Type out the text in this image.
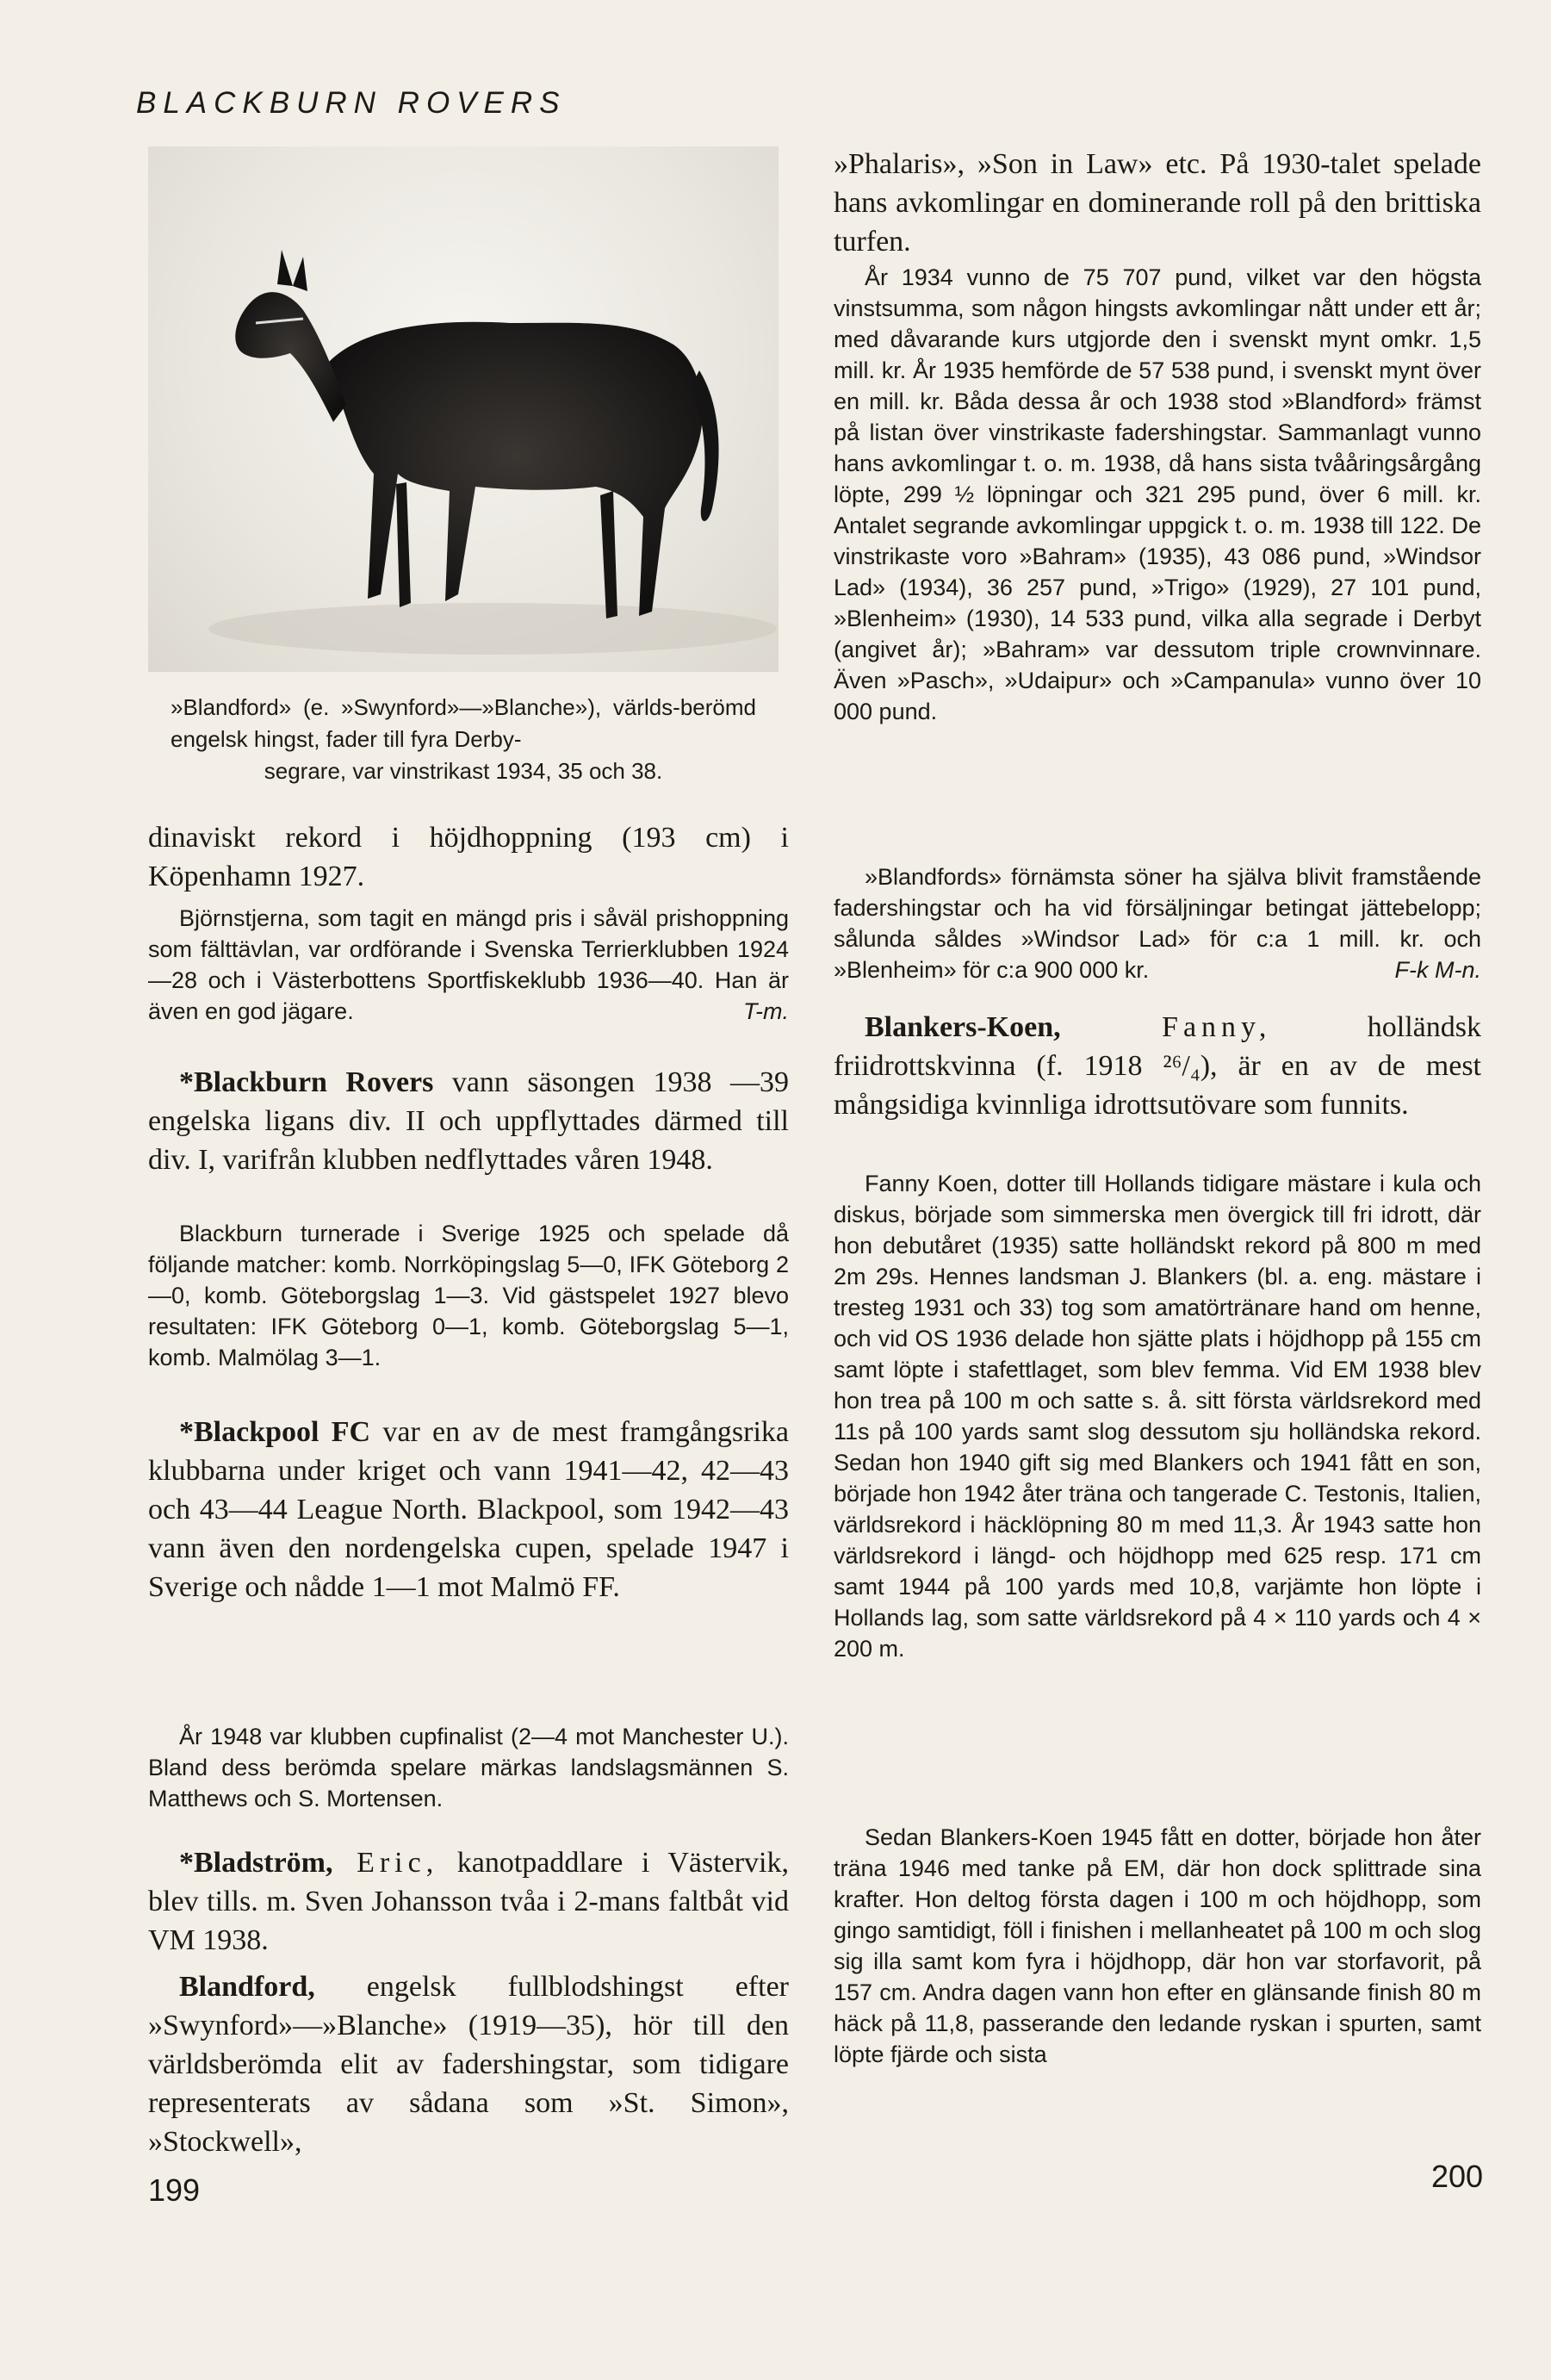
BLACKBURN ROVERS
»Blandford» (e. »Swynford»—»Blanche»), världs-berömd engelsk hingst, fader till fyra Derby-
segrare, var vinstrikast 1934, 35 och 38.
dinaviskt rekord i höjdhoppning (193 cm) i Köpenhamn 1927.
Björnstjerna, som tagit en mängd pris i såväl prishoppning som fälttävlan, var ordförande i Svenska Terrierklubben 1924—28 och i Västerbottens Sportfiskeklubb 1936—40. Han är även en god jägare.	T-m.
*Blackburn Rovers vann säsongen 1938 —39 engelska ligans div. II och uppflyttades därmed till div. I, varifrån klubben nedflyttades våren 1948.
Blackburn turnerade i Sverige 1925 och spelade då följande matcher: komb. Norrköpingslag 5—0, IFK Göteborg 2—0, komb. Göteborgslag 1—3. Vid gästspelet 1927 blevo resultaten: IFK Göteborg 0—1, komb. Göteborgslag 5—1, komb. Malmölag 3—1.
*Blackpool FC var en av de mest framgångsrika klubbarna under kriget och vann 1941—42, 42—43 och 43—44 League North. Blackpool, som 1942—43 vann även den nordengelska cupen, spelade 1947 i Sverige och nådde 1—1 mot Malmö FF.
År 1948 var klubben cupfinalist (2—4 mot Manchester U.). Bland dess berömda spelare märkas landslagsmännen S. Matthews och S. Mortensen.
*Bladström, Eric, kanotpaddlare i Västervik, blev tills. m. Sven Johansson tvåa i 2-mans faltbåt vid VM 1938.
Blandford, engelsk fullblodshingst efter »Swynford»—»Blanche» (1919—35), hör till den världsberömda elit av fadershingstar, som tidigare representerats av sådana som »St. Simon», »Stockwell»,
199
»Phalaris», »Son in Law» etc. På 1930-talet spelade hans avkomlingar en dominerande roll på den brittiska turfen.
År 1934 vunno de 75 707 pund, vilket var den högsta vinstsumma, som någon hingsts avkomlingar nått under ett år; med dåvarande kurs utgjorde den i svenskt mynt omkr. 1,5 mill. kr. År 1935 hemförde de 57 538 pund, i svenskt mynt över en mill. kr. Båda dessa år och 1938 stod »Blandford» främst på listan över vinstrikaste fadershingstar. Sammanlagt vunno hans avkomlingar t. o. m. 1938, då hans sista tvååringsårgång löpte, 299 ½ löpningar och 321 295 pund, över 6 mill. kr. Antalet segrande avkomlingar uppgick t. o. m. 1938 till 122. De vinstrikaste voro »Bahram» (1935), 43 086 pund, »Windsor Lad» (1934), 36 257 pund, »Trigo» (1929), 27 101 pund, »Blenheim» (1930), 14 533 pund, vilka alla segrade i Derbyt (angivet år); »Bahram» var dessutom triple crownvinnare. Även »Pasch», »Udaipur» och »Campanula» vunno över 10 000 pund.
»Blandfords» förnämsta söner ha själva blivit framstående fadershingstar och ha vid försäljningar betingat jättebelopp; sålunda såldes »Windsor Lad» för c:a 1 mill. kr. och »Blenheim» för c:a 900 000 kr.	F-k M-n.
Blankers-Koen, Fanny, holländsk friidrottskvinna (f. 1918 ²⁶/₄), är en av de mest mångsidiga kvinnliga idrottsutövare som funnits.
Fanny Koen, dotter till Hollands tidigare mästare i kula och diskus, började som simmerska men övergick till fri idrott, där hon debutåret (1935) satte holländskt rekord på 800 m med 2m 29s. Hennes landsman J. Blankers (bl. a. eng. mästare i tresteg 1931 och 33) tog som amatörtränare hand om henne, och vid OS 1936 delade hon sjätte plats i höjdhopp på 155 cm samt löpte i stafettlaget, som blev femma. Vid EM 1938 blev hon trea på 100 m och satte s. å. sitt första världsrekord med 11s på 100 yards samt slog dessutom sju holländska rekord. Sedan hon 1940 gift sig med Blankers och 1941 fått en son, började hon 1942 åter träna och tangerade C. Testonis, Italien, världsrekord i häcklöpning 80 m med 11,3. År 1943 satte hon världsrekord i längd- och höjdhopp med 625 resp. 171 cm samt 1944 på 100 yards med 10,8, varjämte hon löpte i Hollands lag, som satte världsrekord på 4 × 110 yards och 4 × 200 m.
Sedan Blankers-Koen 1945 fått en dotter, började hon åter träna 1946 med tanke på EM, där hon dock splittrade sina krafter. Hon deltog första dagen i 100 m och höjdhopp, som gingo samtidigt, föll i finishen i mellanheatet på 100 m och slog sig illa samt kom fyra i höjdhopp, där hon var storfavorit, på 157 cm. Andra dagen vann hon efter en glänsande finish 80 m häck på 11,8, passerande den ledande ryskan i spurten, samt löpte fjärde och sista
200
